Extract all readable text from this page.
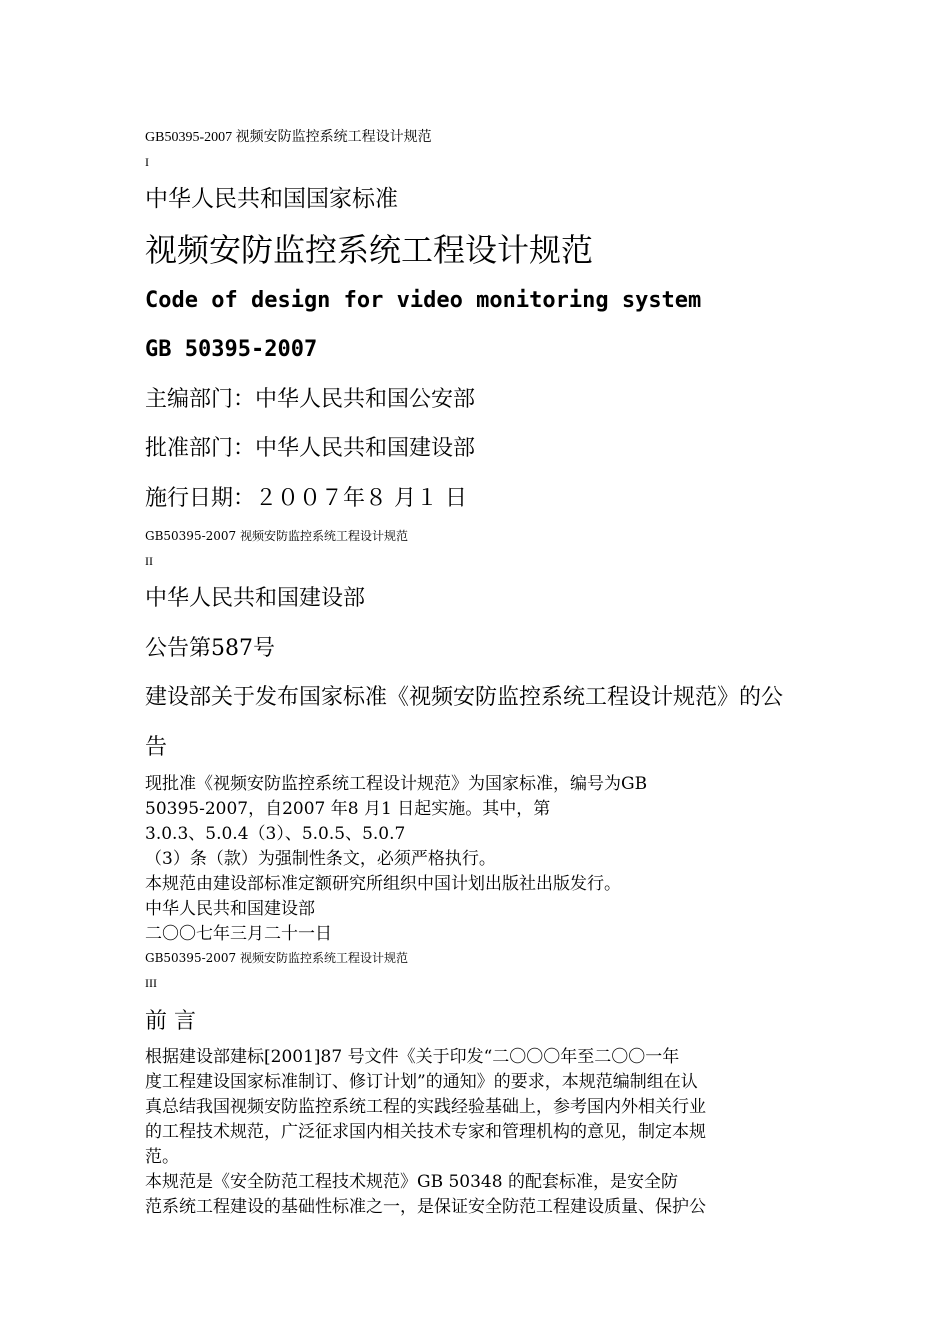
GB50395-2007 视频安防监控系统工程设计规范
I
中华人民共和国国家标准
视频安防监控系统工程设计规范
Code of design for video monitoring system
GB 50395-2007
主编部门：中华人民共和国公安部
批准部门：中华人民共和国建设部
施行日期：２００７年８ 月１ 日
GB50395-2007 视频安防监控系统工程设计规范
II
中华人民共和国建设部
公告第587号
建设部关于发布国家标准《视频安防监控系统工程设计规范》的公
告
现批准《视频安防监控系统工程设计规范》为国家标准，编号为GB
50395-2007，自2007 年8 月1 日起实施。其中，第
3.0.3、5.0.4（3）、5.0.5、5.0.7
（3）条（款）为强制性条文，必须严格执行。
本规范由建设部标准定额研究所组织中国计划出版社出版发行。
中华人民共和国建设部
二〇〇七年三月二十一日
GB50395-2007 视频安防监控系统工程设计规范
III
前 言
根据建设部建标[2001]87 号文件《关于印发“二〇〇〇年至二〇〇一年
度工程建设国家标准制订、修订计划”的通知》的要求，本规范编制组在认
真总结我国视频安防监控系统工程的实践经验基础上，参考国内外相关行业
的工程技术规范，广泛征求国内相关技术专家和管理机构的意见，制定本规
范。
本规范是《安全防范工程技术规范》GB 50348 的配套标准，是安全防
范系统工程建设的基础性标准之一，是保证安全防范工程建设质量、保护公
